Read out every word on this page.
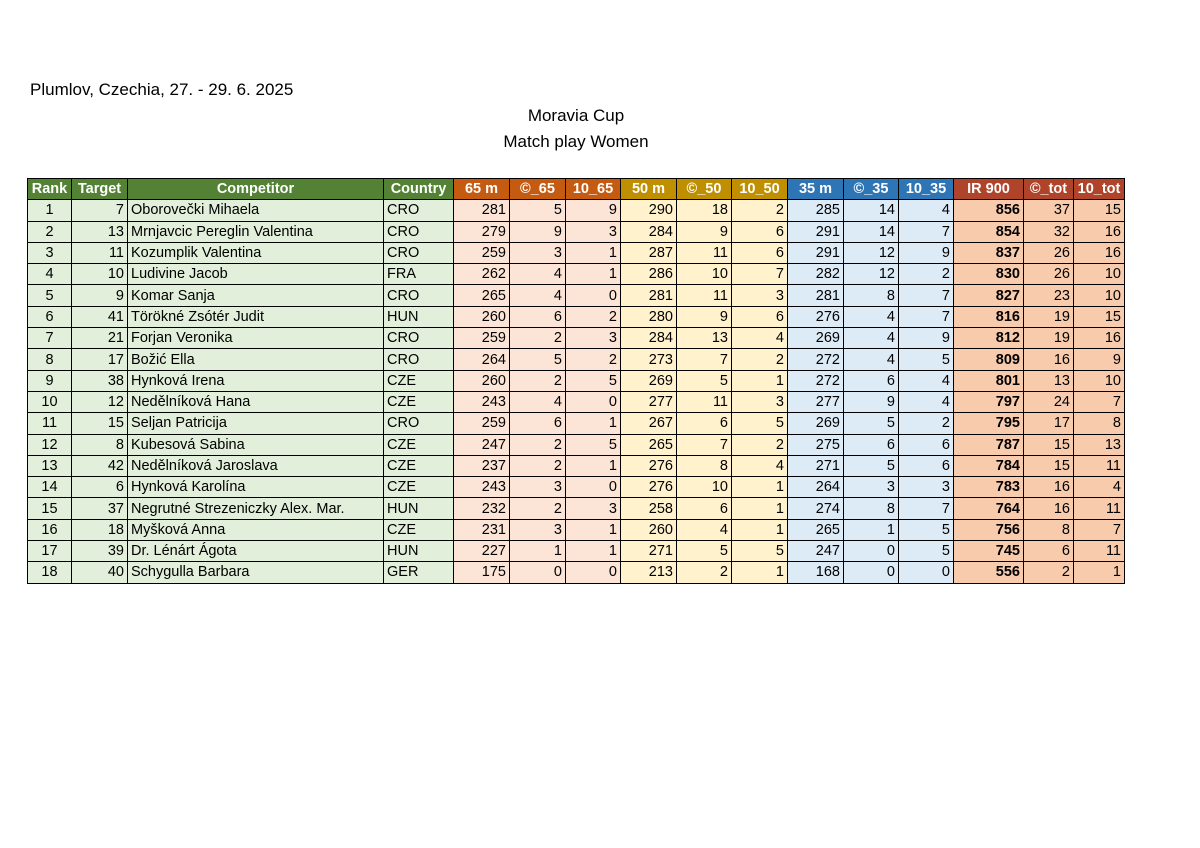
Plumlov, Czechia, 27. - 29. 6. 2025
Moravia Cup
Match play Women
Rank	Target	Competitor	Country	65 m	©_65	10_65	50 m	©_50	10_50	35 m	©_35	10_35	IR 900	©_tot	10_tot
1	7	Oborovečki Mihaela	CRO	281	5	9	290	18	2	285	14	4	856	37	15
2	13	Mrnjavcic Pereglin Valentina	CRO	279	9	3	284	9	6	291	14	7	854	32	16
3	11	Kozumplik Valentina	CRO	259	3	1	287	11	6	291	12	9	837	26	16
4	10	Ludivine Jacob	FRA	262	4	1	286	10	7	282	12	2	830	26	10
5	9	Komar Sanja	CRO	265	4	0	281	11	3	281	8	7	827	23	10
6	41	Törökné Zsótér Judit	HUN	260	6	2	280	9	6	276	4	7	816	19	15
7	21	Forjan Veronika	CRO	259	2	3	284	13	4	269	4	9	812	19	16
8	17	Božić Ella	CRO	264	5	2	273	7	2	272	4	5	809	16	9
9	38	Hynková Irena	CZE	260	2	5	269	5	1	272	6	4	801	13	10
10	12	Nedělníková Hana	CZE	243	4	0	277	11	3	277	9	4	797	24	7
11	15	Seljan Patricija	CRO	259	6	1	267	6	5	269	5	2	795	17	8
12	8	Kubesová Sabina	CZE	247	2	5	265	7	2	275	6	6	787	15	13
13	42	Nedělníková Jaroslava	CZE	237	2	1	276	8	4	271	5	6	784	15	11
14	6	Hynková Karolína	CZE	243	3	0	276	10	1	264	3	3	783	16	4
15	37	Negrutné Strezeniczky Alex. Mar.	HUN	232	2	3	258	6	1	274	8	7	764	16	11
16	18	Myšková Anna	CZE	231	3	1	260	4	1	265	1	5	756	8	7
17	39	Dr. Lénárt Ágota	HUN	227	1	1	271	5	5	247	0	5	745	6	11
18	40	Schygulla Barbara	GER	175	0	0	213	2	1	168	0	0	556	2	1
